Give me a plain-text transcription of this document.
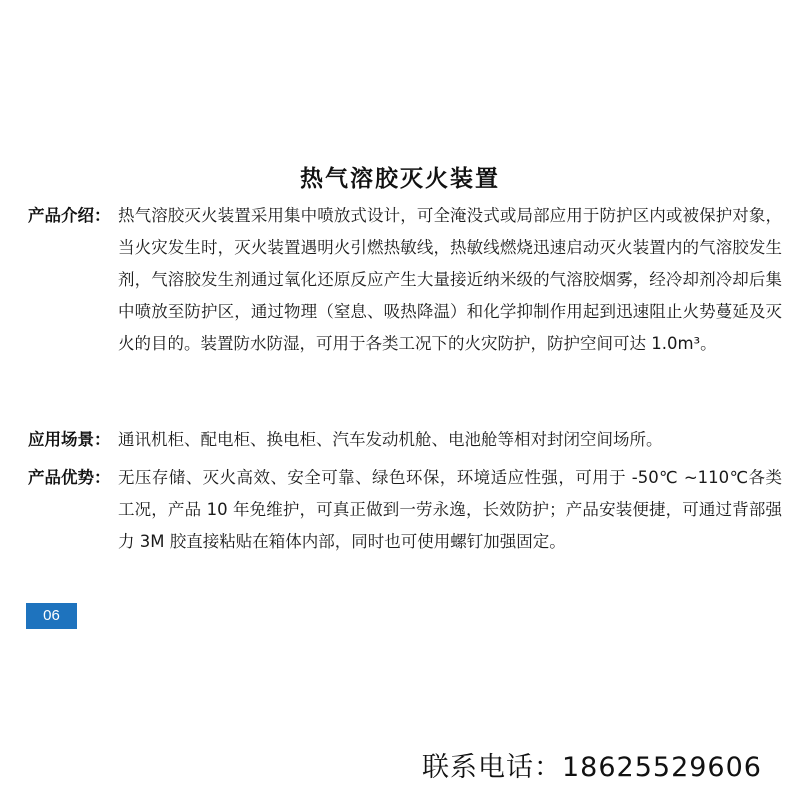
热气溶胶灭火装置
产品介绍： 热气溶胶灭火装置采用集中喷放式设计，可全淹没式或局部应用于防护区内或被保护对象，当火灾发生时，灭火装置遇明火引燃热敏线，热敏线燃烧迅速启动灭火装置内的气溶胶发生剂，气溶胶发生剂通过氧化还原反应产生大量接近纳米级的气溶胶烟雾，经冷却剂冷却后集中喷放至防护区，通过物理（窒息、吸热降温）和化学抑制作用起到迅速阻止火势蔓延及灭火的目的。装置防水防湿，可用于各类工况下的火灾防护，防护空间可达 1.0m³。
应用场景： 通讯机柜、配电柜、换电柜、汽车发动机舱、电池舱等相对封闭空间场所。
产品优势： 无压存储、灭火高效、安全可靠、绿色环保，环境适应性强，可用于 -50℃ ~110℃各类工况，产品 10 年免维护，可真正做到一劳永逸，长效防护；产品安装便捷，可通过背部强力 3M 胶直接粘贴在箱体内部，同时也可使用螺钉加强固定。
06
联系电话：18625529606
